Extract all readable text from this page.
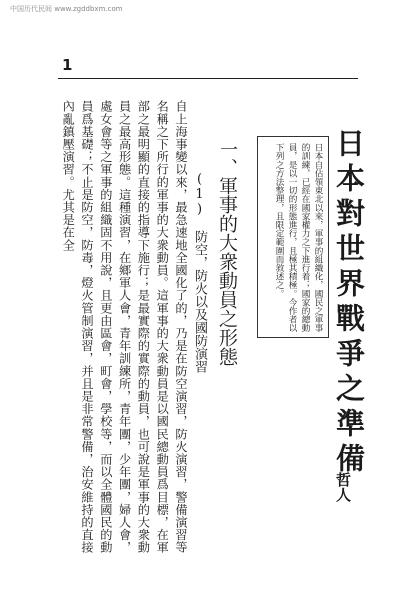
中国历代民间 www.zgddbxm.com
1
日本對世界戰爭之準備
哲人
日本自佔領東北以來，軍事的組織化，國民之軍事的訓練，已經在國家權力之下進行着；國家的總動員，是以一切的形態進行，且極其積極。今作者以下列之方法整理，且限定範圍而敘述之。
一、軍事的大衆動員之形態
(1)　防空，防火以及國防演習
自上海事變以來，最急速地全國化了的，乃是在防空演習，防火演習，警備演習等名稱之下所行的軍事的大衆動員。這軍事的大衆動員是以國民總動員爲目標，在軍部之最明顯的直接的指導下施行；是最實際的實際的動員，也可說是軍事的大衆動員之最高形態。這種演習，在鄉軍人會，青年訓練所，青年團，少年團，婦人會，處女會等之軍事的組織固不用說，且更由區會，町會，學校等，而以全體國民的動員爲基礎；不止是防空，防毒，燈火管制演習，并且是非常警備，治安維持的直接內亂鎮壓演習。尤其是在全
